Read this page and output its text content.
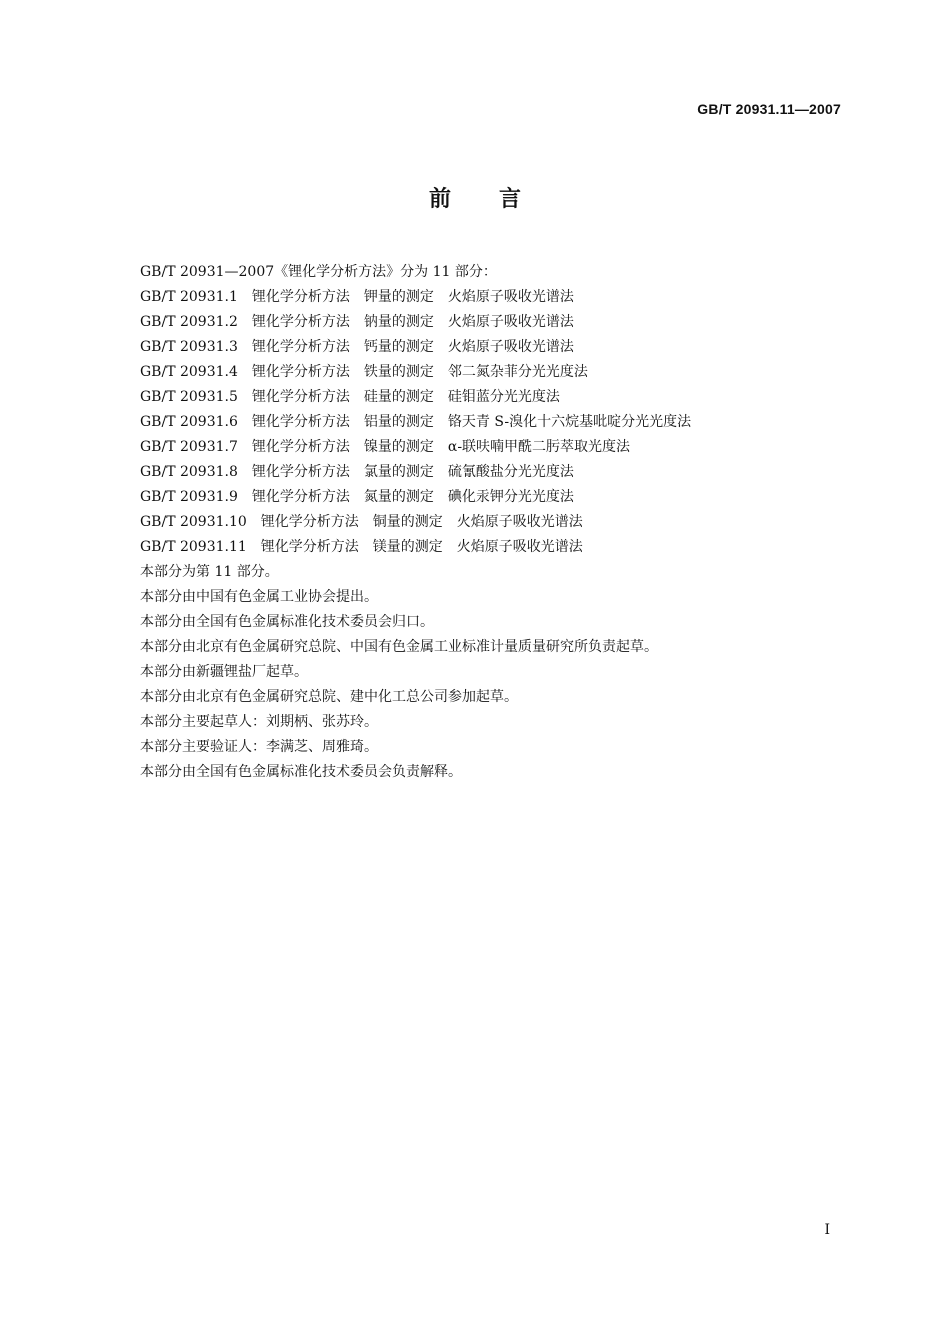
GB/T 20931.11—2007
前言
GB/T 20931—2007《锂化学分析方法》分为 11 部分：
GB/T 20931.1　锂化学分析方法　钾量的测定　火焰原子吸收光谱法
GB/T 20931.2　锂化学分析方法　钠量的测定　火焰原子吸收光谱法
GB/T 20931.3　锂化学分析方法　钙量的测定　火焰原子吸收光谱法
GB/T 20931.4　锂化学分析方法　铁量的测定　邻二氮杂菲分光光度法
GB/T 20931.5　锂化学分析方法　硅量的测定　硅钼蓝分光光度法
GB/T 20931.6　锂化学分析方法　铝量的测定　铬天青 S-溴化十六烷基吡啶分光光度法
GB/T 20931.7　锂化学分析方法　镍量的测定　α-联呋喃甲酰二肟萃取光度法
GB/T 20931.8　锂化学分析方法　氯量的测定　硫氰酸盐分光光度法
GB/T 20931.9　锂化学分析方法　氮量的测定　碘化汞钾分光光度法
GB/T 20931.10　锂化学分析方法　铜量的测定　火焰原子吸收光谱法
GB/T 20931.11　锂化学分析方法　镁量的测定　火焰原子吸收光谱法
本部分为第 11 部分。
本部分由中国有色金属工业协会提出。
本部分由全国有色金属标准化技术委员会归口。
本部分由北京有色金属研究总院、中国有色金属工业标准计量质量研究所负责起草。
本部分由新疆锂盐厂起草。
本部分由北京有色金属研究总院、建中化工总公司参加起草。
本部分主要起草人：刘期柄、张苏玲。
本部分主要验证人：李满芝、周雅琦。
本部分由全国有色金属标准化技术委员会负责解释。
I
